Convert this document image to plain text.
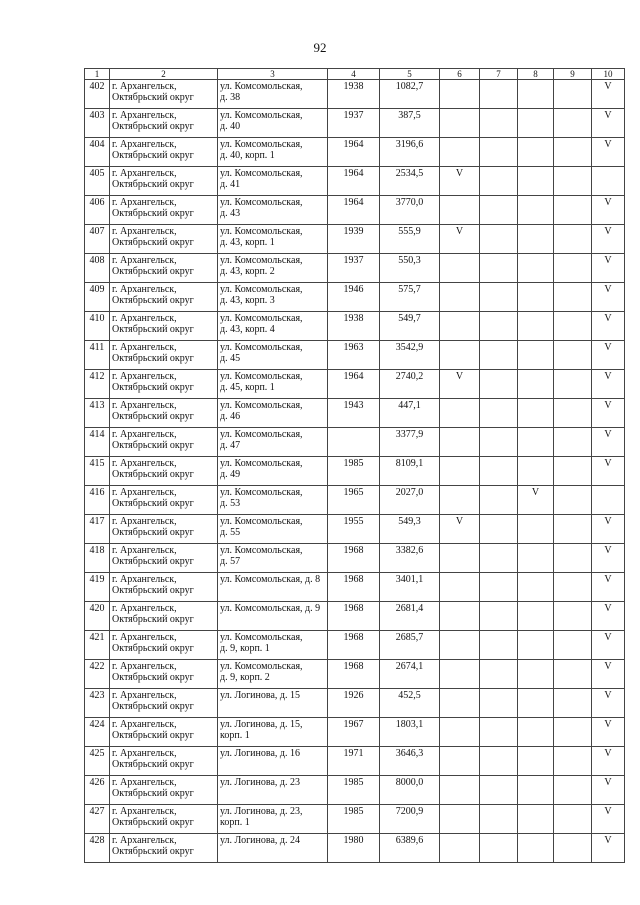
92
1	2	3	4	5	6	7	8	9	10
402	г. Архангельск,
Октябрьский округ	ул. Комсомольская,
д. 38	1938	1082,7					V
403	г. Архангельск,
Октябрьский округ	ул. Комсомольская,
д. 40	1937	387,5					V
404	г. Архангельск,
Октябрьский округ	ул. Комсомольская,
д. 40, корп. 1	1964	3196,6					V
405	г. Архангельск,
Октябрьский округ	ул. Комсомольская,
д. 41	1964	2534,5	V				
406	г. Архангельск,
Октябрьский округ	ул. Комсомольская,
д. 43	1964	3770,0					V
407	г. Архангельск,
Октябрьский округ	ул. Комсомольская,
д. 43, корп. 1	1939	555,9	V				V
408	г. Архангельск,
Октябрьский округ	ул. Комсомольская,
д. 43, корп. 2	1937	550,3					V
409	г. Архангельск,
Октябрьский округ	ул. Комсомольская,
д. 43, корп. 3	1946	575,7					V
410	г. Архангельск,
Октябрьский округ	ул. Комсомольская,
д. 43, корп. 4	1938	549,7					V
411	г. Архангельск,
Октябрьский округ	ул. Комсомольская,
д. 45	1963	3542,9					V
412	г. Архангельск,
Октябрьский округ	ул. Комсомольская,
д. 45, корп. 1	1964	2740,2	V				V
413	г. Архангельск,
Октябрьский округ	ул. Комсомольская,
д. 46	1943	447,1					V
414	г. Архангельск,
Октябрьский округ	ул. Комсомольская,
д. 47		3377,9					V
415	г. Архангельск,
Октябрьский округ	ул. Комсомольская,
д. 49	1985	8109,1					V
416	г. Архангельск,
Октябрьский округ	ул. Комсомольская,
д. 53	1965	2027,0			V		
417	г. Архангельск,
Октябрьский округ	ул. Комсомольская,
д. 55	1955	549,3	V				V
418	г. Архангельск,
Октябрьский округ	ул. Комсомольская,
д. 57	1968	3382,6					V
419	г. Архангельск,
Октябрьский округ	ул. Комсомольская, д. 8	1968	3401,1					V
420	г. Архангельск,
Октябрьский округ	ул. Комсомольская, д. 9	1968	2681,4					V
421	г. Архангельск,
Октябрьский округ	ул. Комсомольская,
д. 9, корп. 1	1968	2685,7					V
422	г. Архангельск,
Октябрьский округ	ул. Комсомольская,
д. 9, корп. 2	1968	2674,1					V
423	г. Архангельск,
Октябрьский округ	ул. Логинова, д. 15	1926	452,5					V
424	г. Архангельск,
Октябрьский округ	ул. Логинова, д. 15,
корп. 1	1967	1803,1					V
425	г. Архангельск,
Октябрьский округ	ул. Логинова, д. 16	1971	3646,3					V
426	г. Архангельск,
Октябрьский округ	ул. Логинова, д. 23	1985	8000,0					V
427	г. Архангельск,
Октябрьский округ	ул. Логинова, д. 23,
корп. 1	1985	7200,9					V
428	г. Архангельск,
Октябрьский округ	ул. Логинова, д. 24	1980	6389,6					V
